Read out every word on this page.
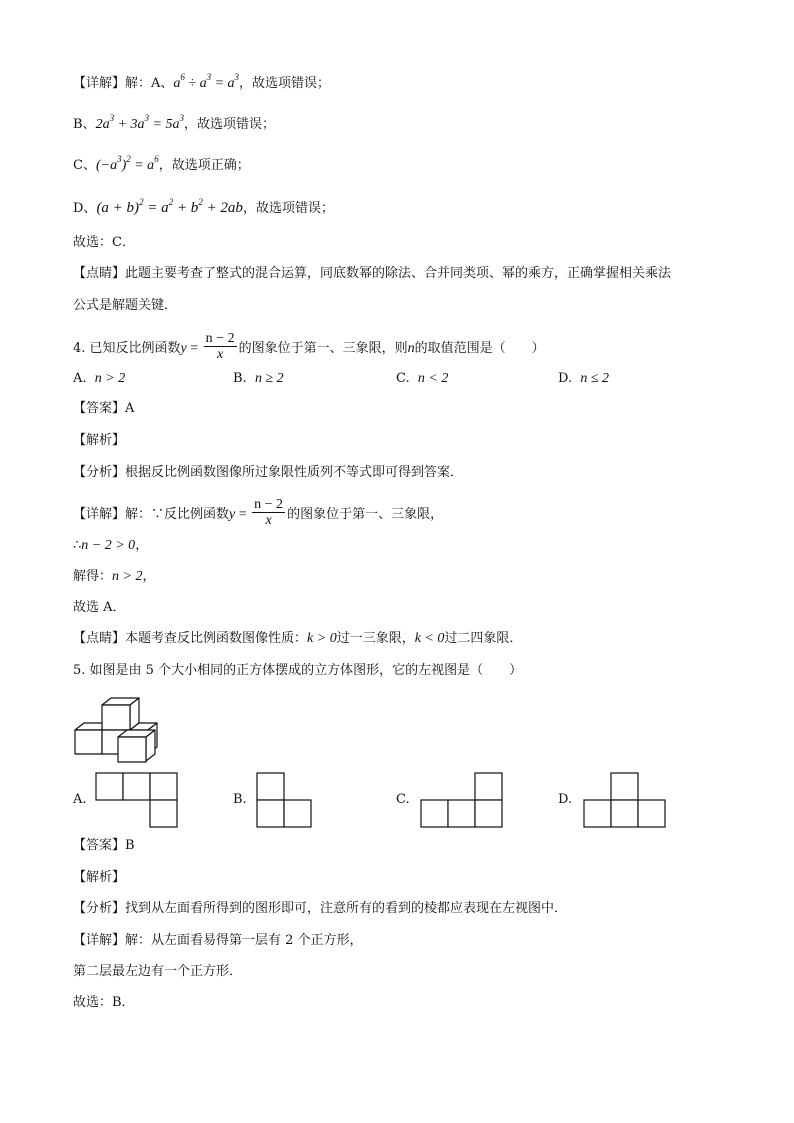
【详解】解：A、$a^6 \div a^3 = a^3$，故选项错误；
B、$2a^3 + 3a^3 = 5a^3$，故选项错误；
C、$(-a^3)^2 = a^6$，故选项正确；
D、$(a + b)^2 = a^2 + b^2 + 2ab$，故选项错误；
故选：C．
【点睛】此题主要考查了整式的混合运算，同底数幂的除法、合并同类项、幂的乘方，正确掌握相关乘法
公式是解题关键．
4. 已知反比例函数$y = \frac{n - 2}{x}$ 的图象位于第一、三象限，则n的取值范围是（　　）
A. n > 2	B. n ≥ 2	C. n < 2	D. n ≤ 2
【答案】A
【解析】
【分析】根据反比例函数图像所过象限性质列不等式即可得到答案．
【详解】解：∵反比例函数$y = \frac{n - 2}{x}$ 的图象位于第一、三象限，
∴n − 2 > 0，
解得：n > 2，
故选 A．
【点睛】本题考查反比例函数图像性质：k > 0过一三象限，k < 0过二四象限．
5. 如图是由 5 个大小相同的正方体摆成的立方体图形，它的左视图是（　　）
A.	B.	C.	D.
【答案】B
【解析】
【分析】找到从左面看所得到的图形即可，注意所有的看到的棱都应表现在左视图中．
【详解】解：从左面看易得第一层有 2 个正方形，
第二层最左边有一个正方形．
故选：B．
